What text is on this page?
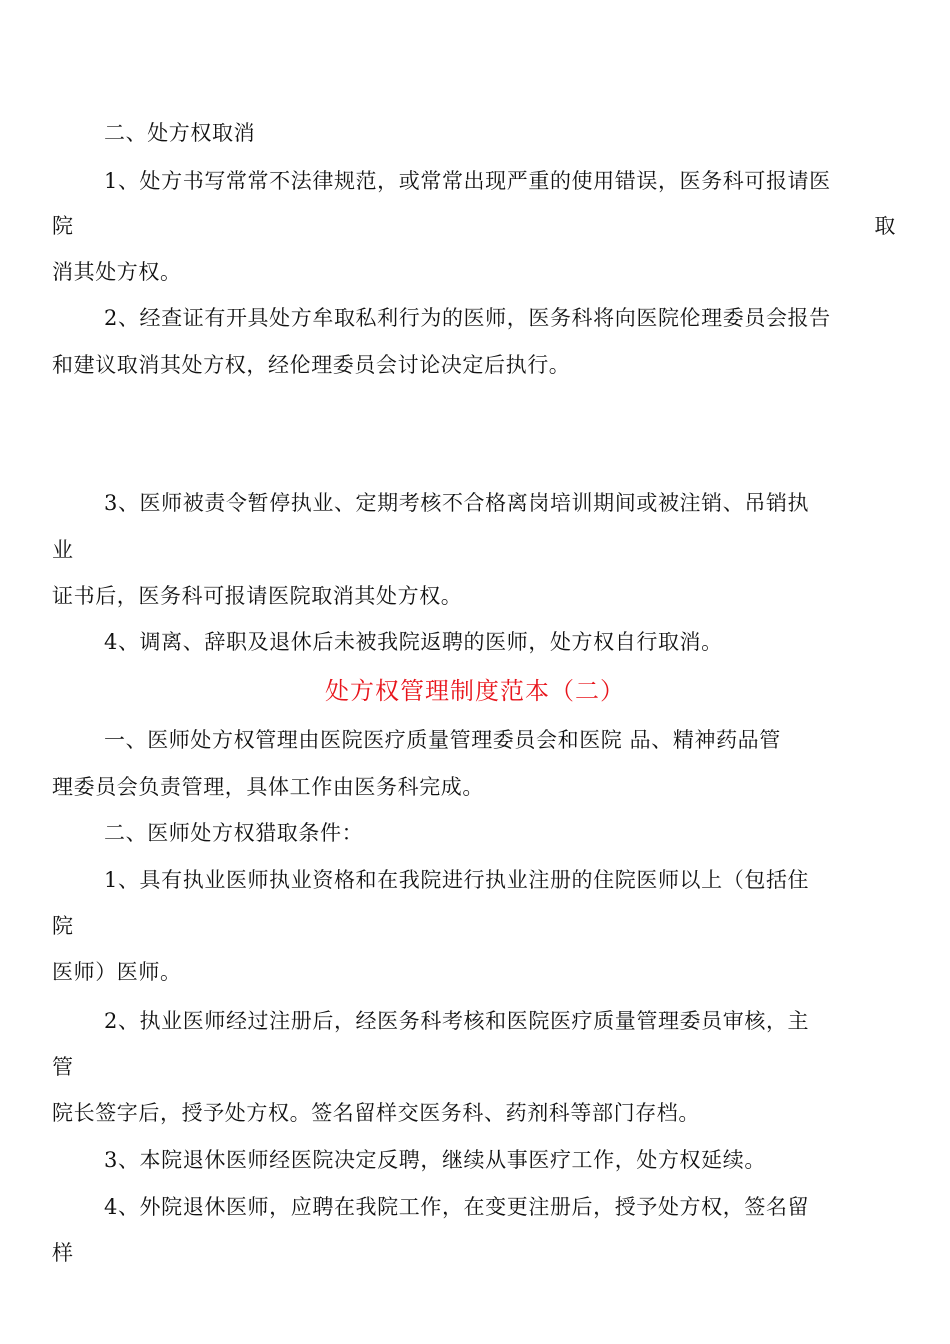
二、处方权取消
1、处方书写常常不法律规范，或常常出现严重的使用错误，医务科可报请医
院	取
消其处方权。
2、经查证有开具处方牟取私利行为的医师，医务科将向医院伦理委员会报告
和建议取消其处方权，经伦理委员会讨论决定后执行。
3、医师被责令暂停执业、定期考核不合格离岗培训期间或被注销、吊销执
业
证书后，医务科可报请医院取消其处方权。
4、调离、辞职及退休后未被我院返聘的医师，处方权自行取消。
处方权管理制度范本（二）
一、医师处方权管理由医院医疗质量管理委员会和医院 品、精神药品管
理委员会负责管理，具体工作由医务科完成。
二、医师处方权猎取条件：
1、具有执业医师执业资格和在我院进行执业注册的住院医师以上（包括住
院
医师）医师。
2、执业医师经过注册后，经医务科考核和医院医疗质量管理委员审核，主
管
院长签字后，授予处方权。签名留样交医务科、药剂科等部门存档。
3、本院退休医师经医院决定反聘，继续从事医疗工作，处方权延续。
4、外院退休医师，应聘在我院工作，在变更注册后，授予处方权，签名留
样
